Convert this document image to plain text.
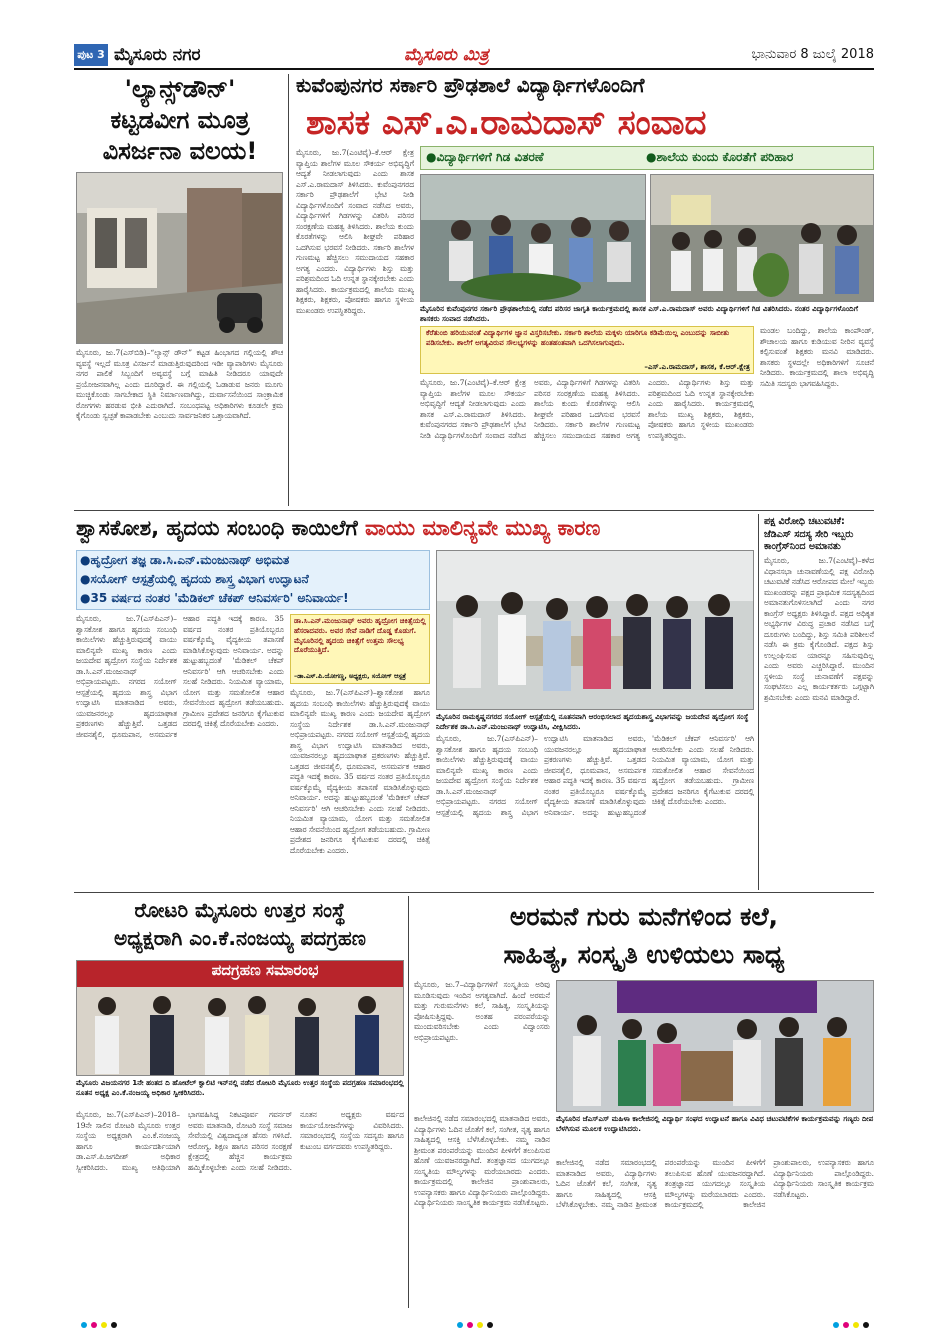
ಪುಟ 3 ಮೈಸೂರು ನಗರ	ಮೈಸೂರು ಮಿತ್ರ	ಭಾನುವಾರ 8 ಜುಲೈ 2018
'ಲ್ಯಾನ್ಸ್‌ಡೌನ್'
ಕಟ್ಟಡವೀಗ ಮೂತ್ರ
ವಿಸರ್ಜನಾ ವಲಯ!
ಮೈಸೂರು, ಜು.7(ಎಸ್‌ಬಿಡಿ)–“ಲ್ಯಾನ್ಸ್ ಡೌನ್” ಕಟ್ಟಡ ಹಿಂಭಾಗದ ಗಲ್ಲಿಯಲ್ಲಿ ಶೌಚ ವ್ಯವಸ್ಥೆ ಇಲ್ಲದೆ ಮೂತ್ರ ವಿಸರ್ಜನೆ ಮಾಡುತ್ತಿರುವುದರಿಂದ ಇಡೀ ವ್ಯಾಪಾರಿಗಳು ಮೈಸೂರು ನಗರ ಪಾಲಿಕೆ ಸಿಬ್ಬಂದಿಗೆ ಅವ್ಯವಸ್ಥೆ ಬಗ್ಗೆ ಮಾಹಿತಿ ನೀಡಿದರೂ ಯಾವುದೇ ಪ್ರಯೋಜನವಾಗಿಲ್ಲ ಎಂದು ದೂರಿದ್ದಾರೆ. ಈ ಗಲ್ಲಿಯಲ್ಲಿ ಓಡಾಡುವ ಜನರು ಮೂಗು ಮುಚ್ಚಿಕೊಂಡು ಸಾಗಬೇಕಾದ ಸ್ಥಿತಿ ನಿರ್ಮಾಣವಾಗಿದ್ದು, ದುರ್ವಾಸನೆಯಿಂದ ಸಾಂಕ್ರಾಮಿಕ ರೋಗಗಳು ಹರಡುವ ಭೀತಿ ಎದುರಾಗಿದೆ. ಸಂಬಂಧಪಟ್ಟ ಅಧಿಕಾರಿಗಳು ಕೂಡಲೇ ಕ್ರಮ ಕೈಗೊಂಡು ಸ್ವಚ್ಛತೆ ಕಾಪಾಡಬೇಕು ಎಂಬುದು ಸಾರ್ವಜನಿಕರ ಒತ್ತಾಯವಾಗಿದೆ.
ಕುವೆಂಪುನಗರ ಸರ್ಕಾರಿ ಪ್ರೌಢಶಾಲೆ ವಿದ್ಯಾರ್ಥಿಗಳೊಂದಿಗೆ
ಶಾಸಕ ಎಸ್.ಎ.ರಾಮದಾಸ್ ಸಂವಾದ
●ವಿದ್ಯಾರ್ಥಿಗಳಿಗೆ ಗಿಡ ವಿತರಣೆ	●ಶಾಲೆಯ ಕುಂದು ಕೊರತೆಗೆ ಪರಿಹಾರ
ಮೈಸೂರು, ಜು.7(ಎಂಟಿವೈ)–ಕೆ.ಆರ್ ಕ್ಷೇತ್ರ ವ್ಯಾಪ್ತಿಯ ಶಾಲೆಗಳ ಮೂಲ ಸೌಕರ್ಯ ಅಭಿವೃದ್ಧಿಗೆ ಆದ್ಯತೆ ನೀಡಲಾಗುವುದು ಎಂದು ಶಾಸಕ ಎಸ್.ಎ.ರಾಮದಾಸ್ ತಿಳಿಸಿದರು. ಕುವೆಂಪುನಗರದ ಸರ್ಕಾರಿ ಪ್ರೌಢಶಾಲೆಗೆ ಭೇಟಿ ನೀಡಿ ವಿದ್ಯಾರ್ಥಿಗಳೊಂದಿಗೆ ಸಂವಾದ ನಡೆಸಿದ ಅವರು, ವಿದ್ಯಾರ್ಥಿಗಳಿಗೆ ಗಿಡಗಳನ್ನು ವಿತರಿಸಿ ಪರಿಸರ ಸಂರಕ್ಷಣೆಯ ಮಹತ್ವ ತಿಳಿಸಿದರು. ಶಾಲೆಯ ಕುಂದು ಕೊರತೆಗಳನ್ನು ಆಲಿಸಿ ಶೀಘ್ರವೇ ಪರಿಹಾರ ಒದಗಿಸುವ ಭರವಸೆ ನೀಡಿದರು. ಸರ್ಕಾರಿ ಶಾಲೆಗಳ ಗುಣಮಟ್ಟ ಹೆಚ್ಚಿಸಲು ಸಮುದಾಯದ ಸಹಕಾರ ಅಗತ್ಯ ಎಂದರು. ವಿದ್ಯಾರ್ಥಿಗಳು ಶಿಸ್ತು ಮತ್ತು ಪರಿಶ್ರಮದಿಂದ ಓದಿ ಉನ್ನತ ಸ್ಥಾನಕ್ಕೇರಬೇಕು ಎಂದು ಹಾರೈಸಿದರು. ಕಾರ್ಯಕ್ರಮದಲ್ಲಿ ಶಾಲೆಯ ಮುಖ್ಯ ಶಿಕ್ಷಕರು, ಶಿಕ್ಷಕರು, ಪೋಷಕರು ಹಾಗೂ ಸ್ಥಳೀಯ ಮುಖಂಡರು ಉಪಸ್ಥಿತರಿದ್ದರು.	ಮೈಸೂರಿನ ಕುವೆಂಪುನಗರ ಸರ್ಕಾರಿ ಪ್ರೌಢಶಾಲೆಯಲ್ಲಿ ನಡೆದ ಪರಿಸರ ಜಾಗೃತಿ ಕಾರ್ಯಕ್ರಮದಲ್ಲಿ ಶಾಸಕ ಎಸ್.ಎ.ರಾಮದಾಸ್ ಅವರು ವಿದ್ಯಾರ್ಥಿಗಳಿಗೆ ಗಿಡ ವಿತರಿಸಿದರು. ನಂತರ ವಿದ್ಯಾರ್ಥಿಗಳೊಂದಿಗೆ ಶಾಸಕರು ಸಂವಾದ ನಡೆಸಿದರು.
ಕೆರೆತುಂಬಿ ಹರಿಯುವಂತೆ ವಿದ್ಯಾರ್ಥಿಗಳ ಜ್ಞಾನ ವಿಸ್ತರಿಸಬೇಕು. ಸರ್ಕಾರಿ ಶಾಲೆಯ ಮಕ್ಕಳು ಯಾರಿಗೂ ಕಡಿಮೆಯಿಲ್ಲ ಎಂಬುದನ್ನು ಸಾಬೀತು ಪಡಿಸಬೇಕು. ಶಾಲೆಗೆ ಅಗತ್ಯವಿರುವ ಸೌಲಭ್ಯಗಳನ್ನು ಹಂತಹಂತವಾಗಿ ಒದಗಿಸಲಾಗುವುದು.
–ಎಸ್.ಎ.ರಾಮದಾಸ್, ಶಾಸಕ, ಕೆ.ಆರ್.ಕ್ಷೇತ್ರ
ಮೈಸೂರು, ಜು.7(ಎಂಟಿವೈ)–ಕೆ.ಆರ್ ಕ್ಷೇತ್ರ ವ್ಯಾಪ್ತಿಯ ಶಾಲೆಗಳ ಮೂಲ ಸೌಕರ್ಯ ಅಭಿವೃದ್ಧಿಗೆ ಆದ್ಯತೆ ನೀಡಲಾಗುವುದು ಎಂದು ಶಾಸಕ ಎಸ್.ಎ.ರಾಮದಾಸ್ ತಿಳಿಸಿದರು. ಕುವೆಂಪುನಗರದ ಸರ್ಕಾರಿ ಪ್ರೌಢಶಾಲೆಗೆ ಭೇಟಿ ನೀಡಿ ವಿದ್ಯಾರ್ಥಿಗಳೊಂದಿಗೆ ಸಂವಾದ ನಡೆಸಿದ ಅವರು, ವಿದ್ಯಾರ್ಥಿಗಳಿಗೆ ಗಿಡಗಳನ್ನು ವಿತರಿಸಿ ಪರಿಸರ ಸಂರಕ್ಷಣೆಯ ಮಹತ್ವ ತಿಳಿಸಿದರು. ಶಾಲೆಯ ಕುಂದು ಕೊರತೆಗಳನ್ನು ಆಲಿಸಿ ಶೀಘ್ರವೇ ಪರಿಹಾರ ಒದಗಿಸುವ ಭರವಸೆ ನೀಡಿದರು. ಸರ್ಕಾರಿ ಶಾಲೆಗಳ ಗುಣಮಟ್ಟ ಹೆಚ್ಚಿಸಲು ಸಮುದಾಯದ ಸಹಕಾರ ಅಗತ್ಯ ಎಂದರು. ವಿದ್ಯಾರ್ಥಿಗಳು ಶಿಸ್ತು ಮತ್ತು ಪರಿಶ್ರಮದಿಂದ ಓದಿ ಉನ್ನತ ಸ್ಥಾನಕ್ಕೇರಬೇಕು ಎಂದು ಹಾರೈಸಿದರು. ಕಾರ್ಯಕ್ರಮದಲ್ಲಿ ಶಾಲೆಯ ಮುಖ್ಯ ಶಿಕ್ಷಕರು, ಶಿಕ್ಷಕರು, ಪೋಷಕರು ಹಾಗೂ ಸ್ಥಳೀಯ ಮುಖಂಡರು ಉಪಸ್ಥಿತರಿದ್ದರು.
ಮಂಡಲ ಬಂದಿದ್ದು, ಶಾಲೆಯ ಕಾಂಪೌಂಡ್, ಶೌಚಾಲಯ ಹಾಗೂ ಕುಡಿಯುವ ನೀರಿನ ವ್ಯವಸ್ಥೆ ಕಲ್ಪಿಸುವಂತೆ ಶಿಕ್ಷಕರು ಮನವಿ ಮಾಡಿದರು. ಶಾಸಕರು ಸ್ಥಳದಲ್ಲೇ ಅಧಿಕಾರಿಗಳಿಗೆ ಸೂಚನೆ ನೀಡಿದರು. ಕಾರ್ಯಕ್ರಮದಲ್ಲಿ ಶಾಲಾ ಅಭಿವೃದ್ಧಿ ಸಮಿತಿ ಸದಸ್ಯರು ಭಾಗವಹಿಸಿದ್ದರು.
ಶ್ವಾಸಕೋಶ, ಹೃದಯ ಸಂಬಂಧಿ ಕಾಯಿಲೆಗೆ ವಾಯು ಮಾಲಿನ್ಯವೇ ಮುಖ್ಯ ಕಾರಣ
●ಹೃದ್ರೋಗ ತಜ್ಞ ಡಾ.ಸಿ.ಎನ್.ಮಂಜುನಾಥ್ ಅಭಿಮತ
●ಸಯೋಗ್ ಆಸ್ಪತ್ರೆಯಲ್ಲಿ ಹೃದಯ ಶಾಸ್ತ್ರ ವಿಭಾಗ ಉದ್ಘಾಟನೆ
●35 ವರ್ಷದ ನಂತರ 'ಮೆಡಿಕಲ್ ಚೆಕಪ್ ಆನಿವರ್ಸರಿ' ಅನಿವಾರ್ಯ!
ಡಾ.ಸಿ.ಎನ್.ಮಂಜುನಾಥ್ ಅವರು ಹೃದ್ರೋಗ ಚಿಕಿತ್ಸೆಯಲ್ಲಿ ಹೆಸರಾದವರು. ಅವರ ಸೇವೆ ನಾಡಿಗೆ ದೊಡ್ಡ ಕೊಡುಗೆ. ಮೈಸೂರಿನಲ್ಲಿ ಹೃದಯ ಚಿಕಿತ್ಸೆಗೆ ಉತ್ತಮ ಸೌಲಭ್ಯ ದೊರೆಯುತ್ತಿದೆ.
–ಡಾ.ಎಸ್.ಪಿ.ಯೋಗಣ್ಣ, ಅಧ್ಯಕ್ಷರು, ಸಯೋಗ್ ಆಸ್ಪತ್ರೆ
ಮೈಸೂರು, ಜು.7(ಎಸ್‌ಪಿಎನ್)–ಶ್ವಾಸಕೋಶ ಹಾಗೂ ಹೃದಯ ಸಂಬಂಧಿ ಕಾಯಿಲೆಗಳು ಹೆಚ್ಚುತ್ತಿರುವುದಕ್ಕೆ ವಾಯು ಮಾಲಿನ್ಯವೇ ಮುಖ್ಯ ಕಾರಣ ಎಂದು ಜಯದೇವ ಹೃದ್ರೋಗ ಸಂಸ್ಥೆಯ ನಿರ್ದೇಶಕ ಡಾ.ಸಿ.ಎನ್.ಮಂಜುನಾಥ್ ಅಭಿಪ್ರಾಯಪಟ್ಟರು. ನಗರದ ಸಯೋಗ್ ಆಸ್ಪತ್ರೆಯಲ್ಲಿ ಹೃದಯ ಶಾಸ್ತ್ರ ವಿಭಾಗ ಉದ್ಘಾಟಿಸಿ ಮಾತನಾಡಿದ ಅವರು, ಯುವಜನರಲ್ಲೂ ಹೃದಯಾಘಾತ ಪ್ರಕರಣಗಳು ಹೆಚ್ಚುತ್ತಿವೆ. ಒತ್ತಡದ ಜೀವನಶೈಲಿ, ಧೂಮಪಾನ, ಅಸಮರ್ಪಕ ಆಹಾರ ಪದ್ಧತಿ ಇದಕ್ಕೆ ಕಾರಣ. 35 ವರ್ಷದ ನಂತರ ಪ್ರತಿಯೊಬ್ಬರೂ ವರ್ಷಕ್ಕೊಮ್ಮೆ ವೈದ್ಯಕೀಯ ತಪಾಸಣೆ ಮಾಡಿಸಿಕೊಳ್ಳುವುದು ಅನಿವಾರ್ಯ. ಅದನ್ನು ಹುಟ್ಟುಹಬ್ಬದಂತೆ 'ಮೆಡಿಕಲ್ ಚೆಕಪ್ ಆನಿವರ್ಸರಿ' ಆಗಿ ಆಚರಿಸಬೇಕು ಎಂದು ಸಲಹೆ ನೀಡಿದರು. ನಿಯಮಿತ ವ್ಯಾಯಾಮ, ಯೋಗ ಮತ್ತು ಸಮತೋಲಿತ ಆಹಾರ ಸೇವನೆಯಿಂದ ಹೃದ್ರೋಗ ತಡೆಯಬಹುದು. ಗ್ರಾಮೀಣ ಪ್ರದೇಶದ ಜನರಿಗೂ ಕೈಗೆಟುಕುವ ದರದಲ್ಲಿ ಚಿಕಿತ್ಸೆ ದೊರೆಯಬೇಕು ಎಂದರು.
ಮೈಸೂರು, ಜು.7(ಎಸ್‌ಪಿಎನ್)–ಶ್ವಾಸಕೋಶ ಹಾಗೂ ಹೃದಯ ಸಂಬಂಧಿ ಕಾಯಿಲೆಗಳು ಹೆಚ್ಚುತ್ತಿರುವುದಕ್ಕೆ ವಾಯು ಮಾಲಿನ್ಯವೇ ಮುಖ್ಯ ಕಾರಣ ಎಂದು ಜಯದೇವ ಹೃದ್ರೋಗ ಸಂಸ್ಥೆಯ ನಿರ್ದೇಶಕ ಡಾ.ಸಿ.ಎನ್.ಮಂಜುನಾಥ್ ಅಭಿಪ್ರಾಯಪಟ್ಟರು. ನಗರದ ಸಯೋಗ್ ಆಸ್ಪತ್ರೆಯಲ್ಲಿ ಹೃದಯ ಶಾಸ್ತ್ರ ವಿಭಾಗ ಉದ್ಘಾಟಿಸಿ ಮಾತನಾಡಿದ ಅವರು, ಯುವಜನರಲ್ಲೂ ಹೃದಯಾಘಾತ ಪ್ರಕರಣಗಳು ಹೆಚ್ಚುತ್ತಿವೆ. ಒತ್ತಡದ ಜೀವನಶೈಲಿ, ಧೂಮಪಾನ, ಅಸಮರ್ಪಕ ಆಹಾರ ಪದ್ಧತಿ ಇದಕ್ಕೆ ಕಾರಣ. 35 ವರ್ಷದ ನಂತರ ಪ್ರತಿಯೊಬ್ಬರೂ ವರ್ಷಕ್ಕೊಮ್ಮೆ ವೈದ್ಯಕೀಯ ತಪಾಸಣೆ ಮಾಡಿಸಿಕೊಳ್ಳುವುದು ಅನಿವಾರ್ಯ. ಅದನ್ನು ಹುಟ್ಟುಹಬ್ಬದಂತೆ 'ಮೆಡಿಕಲ್ ಚೆಕಪ್ ಆನಿವರ್ಸರಿ' ಆಗಿ ಆಚರಿಸಬೇಕು ಎಂದು ಸಲಹೆ ನೀಡಿದರು. ನಿಯಮಿತ ವ್ಯಾಯಾಮ, ಯೋಗ ಮತ್ತು ಸಮತೋಲಿತ ಆಹಾರ ಸೇವನೆಯಿಂದ ಹೃದ್ರೋಗ ತಡೆಯಬಹುದು. ಗ್ರಾಮೀಣ ಪ್ರದೇಶದ ಜನರಿಗೂ ಕೈಗೆಟುಕುವ ದರದಲ್ಲಿ ಚಿಕಿತ್ಸೆ ದೊರೆಯಬೇಕು ಎಂದರು.
ಮೈಸೂರಿನ ರಾಮಕೃಷ್ಣನಗರದ ಸಯೋಗ್ ಆಸ್ಪತ್ರೆಯಲ್ಲಿ ನೂತನವಾಗಿ ಆರಂಭಿಸಲಾದ ಹೃದಯಶಾಸ್ತ್ರ ವಿಭಾಗವನ್ನು ಜಯದೇವ ಹೃದ್ರೋಗ ಸಂಸ್ಥೆ ನಿರ್ದೇಶಕ ಡಾ.ಸಿ.ಎನ್.ಮಂಜುನಾಥ್ ಉದ್ಘಾಟಿಸಿ, ವೀಕ್ಷಿಸಿದರು.
ಮೈಸೂರು, ಜು.7(ಎಸ್‌ಪಿಎನ್)–ಶ್ವಾಸಕೋಶ ಹಾಗೂ ಹೃದಯ ಸಂಬಂಧಿ ಕಾಯಿಲೆಗಳು ಹೆಚ್ಚುತ್ತಿರುವುದಕ್ಕೆ ವಾಯು ಮಾಲಿನ್ಯವೇ ಮುಖ್ಯ ಕಾರಣ ಎಂದು ಜಯದೇವ ಹೃದ್ರೋಗ ಸಂಸ್ಥೆಯ ನಿರ್ದೇಶಕ ಡಾ.ಸಿ.ಎನ್.ಮಂಜುನಾಥ್ ಅಭಿಪ್ರಾಯಪಟ್ಟರು. ನಗರದ ಸಯೋಗ್ ಆಸ್ಪತ್ರೆಯಲ್ಲಿ ಹೃದಯ ಶಾಸ್ತ್ರ ವಿಭಾಗ ಉದ್ಘಾಟಿಸಿ ಮಾತನಾಡಿದ ಅವರು, ಯುವಜನರಲ್ಲೂ ಹೃದಯಾಘಾತ ಪ್ರಕರಣಗಳು ಹೆಚ್ಚುತ್ತಿವೆ. ಒತ್ತಡದ ಜೀವನಶೈಲಿ, ಧೂಮಪಾನ, ಅಸಮರ್ಪಕ ಆಹಾರ ಪದ್ಧತಿ ಇದಕ್ಕೆ ಕಾರಣ. 35 ವರ್ಷದ ನಂತರ ಪ್ರತಿಯೊಬ್ಬರೂ ವರ್ಷಕ್ಕೊಮ್ಮೆ ವೈದ್ಯಕೀಯ ತಪಾಸಣೆ ಮಾಡಿಸಿಕೊಳ್ಳುವುದು ಅನಿವಾರ್ಯ. ಅದನ್ನು ಹುಟ್ಟುಹಬ್ಬದಂತೆ 'ಮೆಡಿಕಲ್ ಚೆಕಪ್ ಆನಿವರ್ಸರಿ' ಆಗಿ ಆಚರಿಸಬೇಕು ಎಂದು ಸಲಹೆ ನೀಡಿದರು. ನಿಯಮಿತ ವ್ಯಾಯಾಮ, ಯೋಗ ಮತ್ತು ಸಮತೋಲಿತ ಆಹಾರ ಸೇವನೆಯಿಂದ ಹೃದ್ರೋಗ ತಡೆಯಬಹುದು. ಗ್ರಾಮೀಣ ಪ್ರದೇಶದ ಜನರಿಗೂ ಕೈಗೆಟುಕುವ ದರದಲ್ಲಿ ಚಿಕಿತ್ಸೆ ದೊರೆಯಬೇಕು ಎಂದರು.
ಪಕ್ಷ ವಿರೋಧಿ ಚಟುವಟಿಕೆ: ಜೆಡಿಎಸ್ ಸದಸ್ಯ ಸೇರಿ ಇಬ್ಬರು ಕಾಂಗ್ರೆಸ್‌ನಿಂದ ಅಮಾನತು
ಮೈಸೂರು, ಜು.7(ಎಂಟಿವೈ)–ಕಳೆದ ವಿಧಾನಸಭಾ ಚುನಾವಣೆಯಲ್ಲಿ ಪಕ್ಷ ವಿರೋಧಿ ಚಟುವಟಿಕೆ ನಡೆಸಿದ ಆರೋಪದ ಮೇಲೆ ಇಬ್ಬರು ಮುಖಂಡರನ್ನು ಪಕ್ಷದ ಪ್ರಾಥಮಿಕ ಸದಸ್ಯತ್ವದಿಂದ ಅಮಾನತುಗೊಳಿಸಲಾಗಿದೆ ಎಂದು ನಗರ ಕಾಂಗ್ರೆಸ್ ಅಧ್ಯಕ್ಷರು ತಿಳಿಸಿದ್ದಾರೆ. ಪಕ್ಷದ ಅಧಿಕೃತ ಅಭ್ಯರ್ಥಿಗಳ ವಿರುದ್ಧ ಪ್ರಚಾರ ನಡೆಸಿದ ಬಗ್ಗೆ ದೂರುಗಳು ಬಂದಿದ್ದು, ಶಿಸ್ತು ಸಮಿತಿ ಪರಿಶೀಲನೆ ನಡೆಸಿ ಈ ಕ್ರಮ ಕೈಗೊಂಡಿದೆ. ಪಕ್ಷದ ಶಿಸ್ತು ಉಲ್ಲಂಘಿಸುವ ಯಾರನ್ನೂ ಸಹಿಸುವುದಿಲ್ಲ ಎಂದು ಅವರು ಎಚ್ಚರಿಸಿದ್ದಾರೆ. ಮುಂದಿನ ಸ್ಥಳೀಯ ಸಂಸ್ಥೆ ಚುನಾವಣೆಗೆ ಪಕ್ಷವನ್ನು ಸಂಘಟಿಸಲು ಎಲ್ಲ ಕಾರ್ಯಕರ್ತರು ಒಗ್ಗಟ್ಟಾಗಿ ಶ್ರಮಿಸಬೇಕು ಎಂದು ಮನವಿ ಮಾಡಿದ್ದಾರೆ.
ರೋಟರಿ ಮೈಸೂರು ಉತ್ತರ ಸಂಸ್ಥೆ
ಅಧ್ಯಕ್ಷರಾಗಿ ಎಂ.ಕೆ.ನಂಜಯ್ಯ ಪದಗ್ರಹಣ
ಪದಗ್ರಹಣ ಸಮಾರಂಭ
ಮೈಸೂರು ವಿಜಯನಗರ 1ನೇ ಹಂತದ ದಿ ಹೋಟೆಲ್ ಕ್ವಾಲಿಟಿ ಇನ್‌ನಲ್ಲಿ ನಡೆದ ರೋಟರಿ ಮೈಸೂರು ಉತ್ತರ ಸಂಸ್ಥೆಯ ಪದಗ್ರಹಣ ಸಮಾರಂಭದಲ್ಲಿ ನೂತನ ಅಧ್ಯಕ್ಷ ಎಂ.ಕೆ.ನಂಜಯ್ಯ ಅಧಿಕಾರ ಸ್ವೀಕರಿಸಿದರು.
ಮೈಸೂರು, ಜು.7(ಎಸ್‌ಪಿಎನ್)–2018–19ನೇ ಸಾಲಿನ ರೋಟರಿ ಮೈಸೂರು ಉತ್ತರ ಸಂಸ್ಥೆಯ ಅಧ್ಯಕ್ಷರಾಗಿ ಎಂ.ಕೆ.ನಂಜಯ್ಯ ಹಾಗೂ ಕಾರ್ಯದರ್ಶಿಯಾಗಿ ಡಾ.ಎಸ್.ಪಿ.ಜಗದೀಶ್ ಅಧಿಕಾರ ಸ್ವೀಕರಿಸಿದರು. ಮುಖ್ಯ ಅತಿಥಿಯಾಗಿ ಭಾಗವಹಿಸಿದ್ದ ನಿಕಟಪೂರ್ವ ಗವರ್ನರ್ ಅವರು ಮಾತನಾಡಿ, ರೋಟರಿ ಸಂಸ್ಥೆ ಸಮಾಜ ಸೇವೆಯಲ್ಲಿ ವಿಶ್ವದಾದ್ಯಂತ ಹೆಸರು ಗಳಿಸಿದೆ. ಆರೋಗ್ಯ, ಶಿಕ್ಷಣ ಹಾಗೂ ಪರಿಸರ ಸಂರಕ್ಷಣೆ ಕ್ಷೇತ್ರದಲ್ಲಿ ಹೆಚ್ಚಿನ ಕಾರ್ಯಕ್ರಮ ಹಮ್ಮಿಕೊಳ್ಳಬೇಕು ಎಂದು ಸಲಹೆ ನೀಡಿದರು. ನೂತನ ಅಧ್ಯಕ್ಷರು ವರ್ಷದ ಕಾರ್ಯಯೋಜನೆಗಳನ್ನು ವಿವರಿಸಿದರು. ಸಮಾರಂಭದಲ್ಲಿ ಸಂಸ್ಥೆಯ ಸದಸ್ಯರು ಹಾಗೂ ಕುಟುಂಬ ವರ್ಗದವರು ಉಪಸ್ಥಿತರಿದ್ದರು.
ಅರಮನೆ ಗುರು ಮನೆಗಳಿಂದ ಕಲೆ,
ಸಾಹಿತ್ಯ, ಸಂಸ್ಕೃತಿ ಉಳಿಯಲು ಸಾಧ್ಯ
ಮೈಸೂರು, ಜು.7–ವಿದ್ಯಾರ್ಥಿಗಳಿಗೆ ಸಂಸ್ಕೃತಿಯ ಅರಿವು ಮೂಡಿಸುವುದು ಇಂದಿನ ಅಗತ್ಯವಾಗಿದೆ. ಹಿಂದೆ ಅರಮನೆ ಮತ್ತು ಗುರುಮನೆಗಳು ಕಲೆ, ಸಾಹಿತ್ಯ, ಸಂಸ್ಕೃತಿಯನ್ನು ಪೋಷಿಸುತ್ತಿದ್ದವು. ಅಂತಹ ಪರಂಪರೆಯನ್ನು ಮುಂದುವರಿಸಬೇಕು ಎಂದು ವಿದ್ವಾಂಸರು ಅಭಿಪ್ರಾಯಪಟ್ಟರು.
ಮೈಸೂರಿನ ಜೆಎಸ್‌ಎಸ್ ಮಹಿಳಾ ಕಾಲೇಜಿನಲ್ಲಿ ವಿದ್ಯಾರ್ಥಿ ಸಂಘದ ಉದ್ಘಾಟನೆ ಹಾಗೂ ವಿವಿಧ ಚಟುವಟಿಕೆಗಳ ಕಾರ್ಯಕ್ರಮವನ್ನು ಗಣ್ಯರು ದೀಪ ಬೆಳಗಿಸುವ ಮೂಲಕ ಉದ್ಘಾಟಿಸಿದರು.
ಕಾಲೇಜಿನಲ್ಲಿ ನಡೆದ ಸಮಾರಂಭದಲ್ಲಿ ಮಾತನಾಡಿದ ಅವರು, ವಿದ್ಯಾರ್ಥಿಗಳು ಓದಿನ ಜೊತೆಗೆ ಕಲೆ, ಸಂಗೀತ, ನೃತ್ಯ ಹಾಗೂ ಸಾಹಿತ್ಯದಲ್ಲಿ ಆಸಕ್ತಿ ಬೆಳೆಸಿಕೊಳ್ಳಬೇಕು. ನಮ್ಮ ನಾಡಿನ ಶ್ರೀಮಂತ ಪರಂಪರೆಯನ್ನು ಮುಂದಿನ ಪೀಳಿಗೆಗೆ ತಲುಪಿಸುವ ಹೊಣೆ ಯುವಜನರದ್ದಾಗಿದೆ. ತಂತ್ರಜ್ಞಾನದ ಯುಗದಲ್ಲೂ ಸಂಸ್ಕೃತಿಯ ಮೌಲ್ಯಗಳನ್ನು ಮರೆಯಬಾರದು ಎಂದರು. ಕಾರ್ಯಕ್ರಮದಲ್ಲಿ ಕಾಲೇಜಿನ ಪ್ರಾಂಶುಪಾಲರು, ಉಪನ್ಯಾಸಕರು ಹಾಗೂ ವಿದ್ಯಾರ್ಥಿನಿಯರು ಪಾಲ್ಗೊಂಡಿದ್ದರು. ವಿದ್ಯಾರ್ಥಿನಿಯರು ಸಾಂಸ್ಕೃತಿಕ ಕಾರ್ಯಕ್ರಮ ನಡೆಸಿಕೊಟ್ಟರು.
ಕಾಲೇಜಿನಲ್ಲಿ ನಡೆದ ಸಮಾರಂಭದಲ್ಲಿ ಮಾತನಾಡಿದ ಅವರು, ವಿದ್ಯಾರ್ಥಿಗಳು ಓದಿನ ಜೊತೆಗೆ ಕಲೆ, ಸಂಗೀತ, ನೃತ್ಯ ಹಾಗೂ ಸಾಹಿತ್ಯದಲ್ಲಿ ಆಸಕ್ತಿ ಬೆಳೆಸಿಕೊಳ್ಳಬೇಕು. ನಮ್ಮ ನಾಡಿನ ಶ್ರೀಮಂತ ಪರಂಪರೆಯನ್ನು ಮುಂದಿನ ಪೀಳಿಗೆಗೆ ತಲುಪಿಸುವ ಹೊಣೆ ಯುವಜನರದ್ದಾಗಿದೆ. ತಂತ್ರಜ್ಞಾನದ ಯುಗದಲ್ಲೂ ಸಂಸ್ಕೃತಿಯ ಮೌಲ್ಯಗಳನ್ನು ಮರೆಯಬಾರದು ಎಂದರು. ಕಾರ್ಯಕ್ರಮದಲ್ಲಿ ಕಾಲೇಜಿನ ಪ್ರಾಂಶುಪಾಲರು, ಉಪನ್ಯಾಸಕರು ಹಾಗೂ ವಿದ್ಯಾರ್ಥಿನಿಯರು ಪಾಲ್ಗೊಂಡಿದ್ದರು. ವಿದ್ಯಾರ್ಥಿನಿಯರು ಸಾಂಸ್ಕೃತಿಕ ಕಾರ್ಯಕ್ರಮ ನಡೆಸಿಕೊಟ್ಟರು.
